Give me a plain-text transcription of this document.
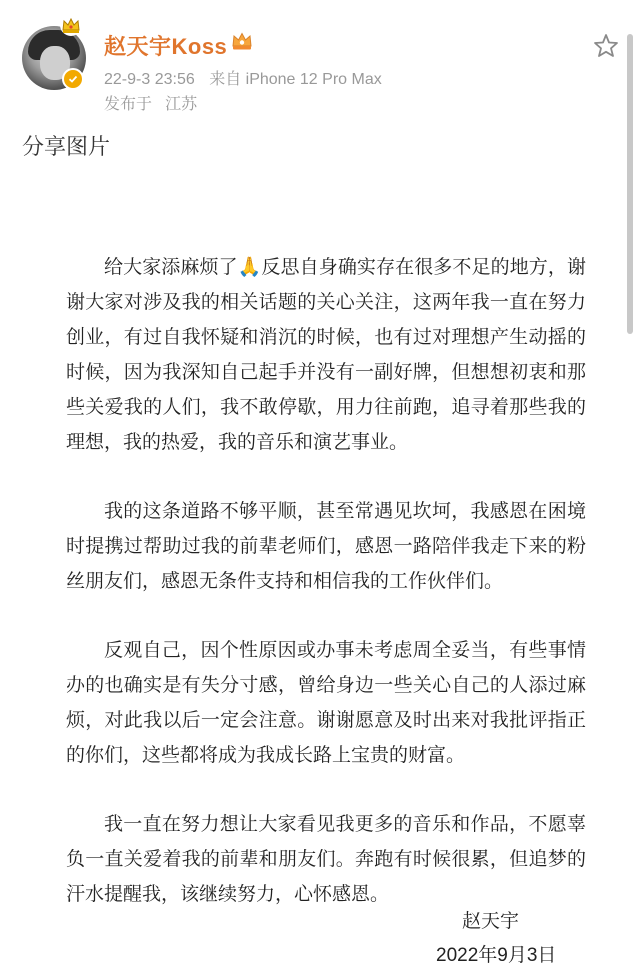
赵天宇Koss
22-9-3 23:56 来自 iPhone 12 Pro Max
发布于 江苏
分享图片

给大家添麻烦了🙏反思自身确实存在很多不足的地方，谢谢大家对涉及我的相关话题的关心关注，这两年我一直在努力创业，有过自我怀疑和消沉的时候，也有过对理想产生动摇的时候，因为我深知自己起手并没有一副好牌，但想想初衷和那些关爱我的人们，我不敢停歇，用力往前跑，追寻着那些我的理想，我的热爱，我的音乐和演艺事业。

我的这条道路不够平顺，甚至常遇见坎坷，我感恩在困境时提携过帮助过我的前辈老师们，感恩一路陪伴我走下来的粉丝朋友们，感恩无条件支持和相信我的工作伙伴们。

反观自己，因个性原因或办事未考虑周全妥当，有些事情办的也确实是有失分寸感，曾给身边一些关心自己的人添过麻烦，对此我以后一定会注意。谢谢愿意及时出来对我批评指正的你们，这些都将成为我成长路上宝贵的财富。

我一直在努力想让大家看见我更多的音乐和作品，不愿辜负一直关爱着我的前辈和朋友们。奔跑有时候很累，但追梦的汗水提醒我，该继续努力，心怀感恩。

赵天宇
2022年9月3日
